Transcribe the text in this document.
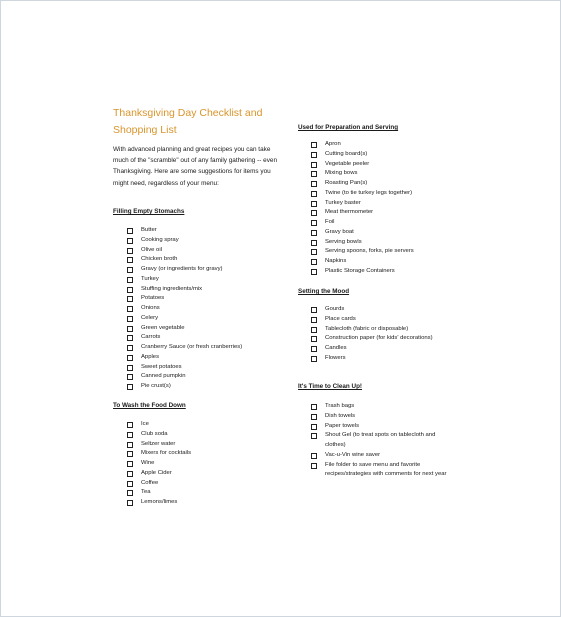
Thanksgiving Day Checklist and Shopping List
With advanced planning and great recipes you can take much of the "scramble" out of any family gathering -- even Thanksgiving. Here are some suggestions for items you might need, regardless of your menu:
Filling Empty Stomachs
Butter
Cooking spray
Olive oil
Chicken broth
Gravy (or ingredients for gravy)
Turkey
Stuffing ingredients/mix
Potatoes
Onions
Celery
Green vegetable
Carrots
Cranberry Sauce (or fresh cranberries)
Apples
Sweet potatoes
Canned pumpkin
Pie crust(s)
To Wash the Food Down
Ice
Club soda
Seltzer water
Mixers for cocktails
Wine
Apple Cider
Coffee
Tea
Lemons/limes
Used for Preparation and Serving
Apron
Cutting board(s)
Vegetable peeler
Mixing bows
Roasting Pan(s)
Twine (to tie turkey legs together)
Turkey baster
Meat thermometer
Foil
Gravy boat
Serving bowls
Serving spoons, forks, pie servers
Napkins
Plastic Storage Containers
Setting the Mood
Gourds
Place cards
Tablecloth (fabric or disposable)
Construction paper (for kids' decorations)
Candles
Flowers
It's Time to Clean Up!
Trash bags
Dish towels
Paper towels
Shout Gel (to treat spots on tablecloth and clothes)
Vac-u-Vin wine saver
File folder to save menu and favorite recipes/strategies with comments for next year
